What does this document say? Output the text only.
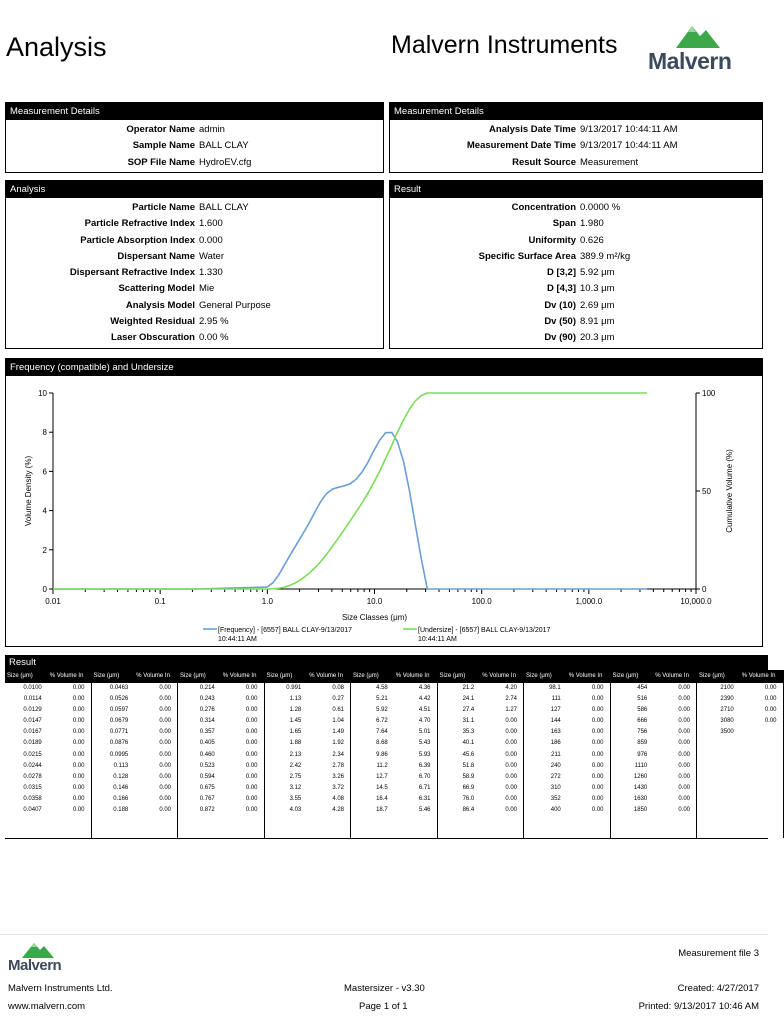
Analysis	Malvern Instruments
Malvern
Measurement Details
Operator Name admin
Sample Name BALL CLAY
SOP File Name HydroEV.cfg
Measurement Details
Analysis Date Time 9/13/2017 10:44:11 AM
Measurement Date Time 9/13/2017 10:44:11 AM
Result Source Measurement
Analysis
Particle Name BALL CLAY
Particle Refractive Index 1.600
Particle Absorption Index 0.000
Dispersant Name Water
Dispersant Refractive Index 1.330
Scattering Model Mie
Analysis Model General Purpose
Weighted Residual 2.95 %
Laser Obscuration 0.00 %
Result
Concentration 0.0000 %
Span 1.980
Uniformity 0.626
Specific Surface Area 389.9 m²/kg
D [3,2] 5.92 μm
D [4,3] 10.3 μm
Dv (10) 2.69 μm
Dv (50) 8.91 μm
Dv (90) 20.3 μm
Frequency (compatible) and Undersize
0
2
4
6
8
10
0
50
100
0.01	0.1	1.0	10.0	100.0	1,000.0	10,000.0
Size Classes (μm)
Volume Density (%)	Cumulative Volume (%)
[Frequency] - [6557] BALL CLAY-9/13/2017
10:44:11 AM
[Undersize] - [6557] BALL CLAY-9/13/2017
10:44:11 AM
Result
Size (μm)	% Volume In
0.0100	0.00
0.0114	0.00
0.0129	0.00
0.0147	0.00
0.0167	0.00
0.0189	0.00
0.0215	0.00
0.0244	0.00
0.0278	0.00
0.0315	0.00
0.0358	0.00
0.0407	0.00
Size (μm)	% Volume In
0.0463	0.00
0.0526	0.00
0.0597	0.00
0.0679	0.00
0.0771	0.00
0.0876	0.00
0.0995	0.00
0.113	0.00
0.128	0.00
0.146	0.00
0.166	0.00
0.188	0.00
Size (μm)	% Volume In
0.214	0.00
0.243	0.00
0.276	0.00
0.314	0.00
0.357	0.00
0.405	0.00
0.460	0.00
0.523	0.00
0.594	0.00
0.675	0.00
0.767	0.00
0.872	0.00
Size (μm)	% Volume In
0.991	0.08
1.13	0.27
1.28	0.61
1.45	1.04
1.65	1.49
1.88	1.92
2.13	2.34
2.42	2.78
2.75	3.26
3.12	3.72
3.55	4.08
4.03	4.28
Size (μm)	% Volume In
4.58	4.36
5.21	4.42
5.92	4.51
6.72	4.70
7.64	5.01
8.68	5.43
9.86	5.93
11.2	6.39
12.7	6.70
14.5	6.71
16.4	6.31
18.7	5.46
Size (μm)	% Volume In
21.2	4.20
24.1	2.74
27.4	1.27
31.1	0.00
35.3	0.00
40.1	0.00
45.6	0.00
51.8	0.00
58.9	0.00
66.9	0.00
76.0	0.00
86.4	0.00
Size (μm)	% Volume In
98.1	0.00
111	0.00
127	0.00
144	0.00
163	0.00
186	0.00
211	0.00
240	0.00
272	0.00
310	0.00
352	0.00
400	0.00
Size (μm)	% Volume In
454	0.00
516	0.00
586	0.00
666	0.00
756	0.00
859	0.00
976	0.00
1110	0.00
1260	0.00
1430	0.00
1630	0.00
1850	0.00
Size (μm)	% Volume In
2100	0.00
2390	0.00
2710	0.00
3080	0.00
3500
Malvern
Malvern Instruments Ltd.
www.malvern.com
Mastersizer - v3.30
Page 1 of 1
Measurement file 3
Created: 4/27/2017
Printed: 9/13/2017 10:46 AM
